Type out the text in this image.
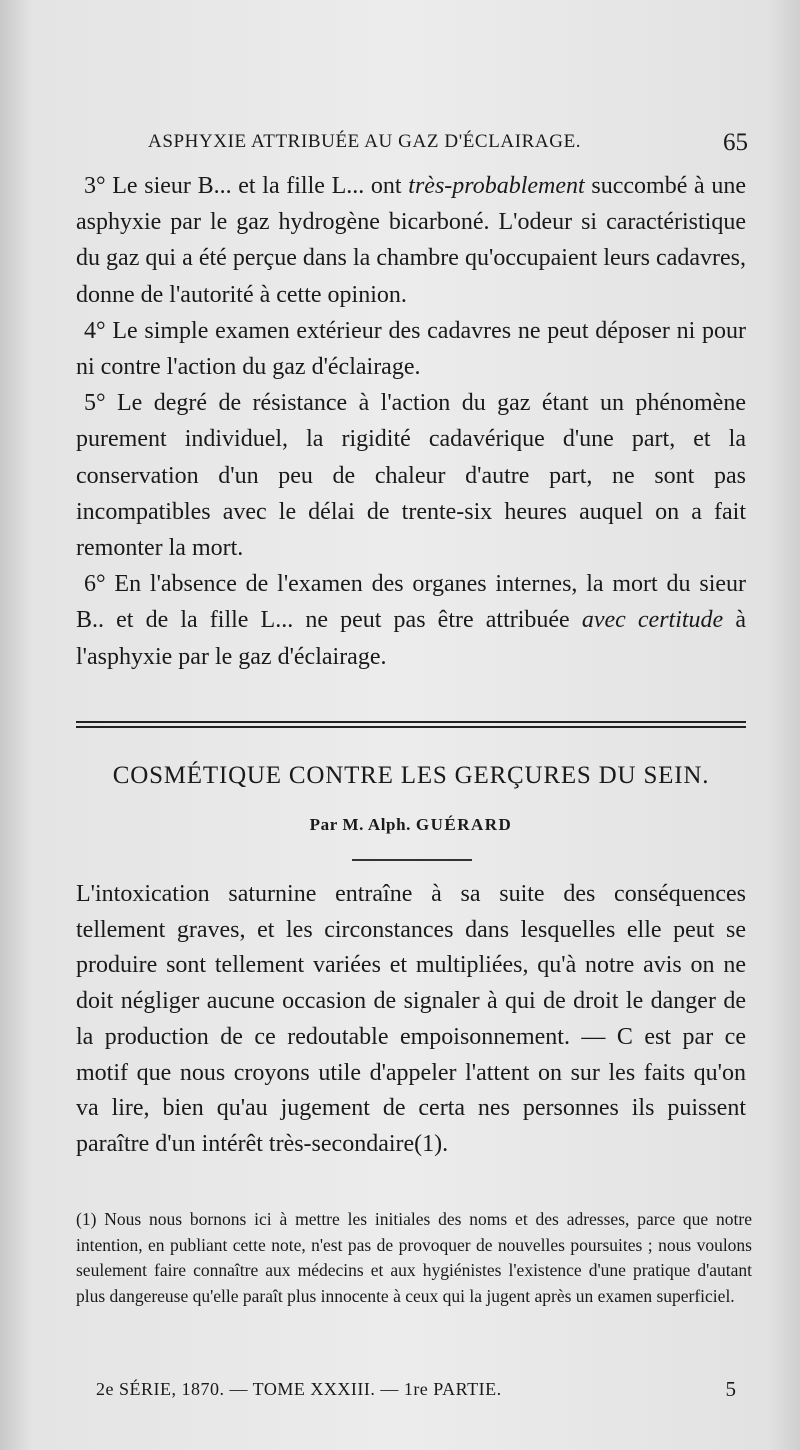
ASPHYXIE ATTRIBUÉE AU GAZ D'ÉCLAIRAGE.	65

3° Le sieur B... et la fille L... ont très-probablement succombé à une asphyxie par le gaz hydrogène bicarboné. L'odeur si caractéristique du gaz qui a été perçue dans la chambre qu'occupaient leurs cadavres, donne de l'autorité à cette opinion.

4° Le simple examen extérieur des cadavres ne peut déposer ni pour ni contre l'action du gaz d'éclairage.

5° Le degré de résistance à l'action du gaz étant un phénomène purement individuel, la rigidité cadavérique d'une part, et la conservation d'un peu de chaleur d'autre part, ne sont pas incompatibles avec le délai de trente-six heures auquel on a fait remonter la mort.

6° En l'absence de l'examen des organes internes, la mort du sieur B.. et de la fille L... ne peut pas être attribuée avec certitude à l'asphyxie par le gaz d'éclairage.

COSMÉTIQUE CONTRE LES GERÇURES DU SEIN.
Par M. Alph. GUÉRARD

L'intoxication saturnine entraîne à sa suite des conséquences tellement graves, et les circonstances dans lesquelles elle peut se produire sont tellement variées et multipliées, qu'à notre avis on ne doit négliger aucune occasion de signaler à qui de droit le danger de la production de ce redoutable empoisonnement. — C est par ce motif que nous croyons utile d'appeler l'attent on sur les faits qu'on va lire, bien qu'au jugement de certa nes personnes ils puissent paraître d'un intérêt très-secondaire(1).

(1) Nous nous bornons ici à mettre les initiales des noms et des adresses, parce que notre intention, en publiant cette note, n'est pas de provoquer de nouvelles poursuites ; nous voulons seulement faire connaître aux médecins et aux hygiénistes l'existence d'une pratique d'autant plus dangereuse qu'elle paraît plus innocente à ceux qui la jugent après un examen superficiel.

2e SÉRIE, 1870. — TOME XXXIII. — 1re PARTIE.	5
